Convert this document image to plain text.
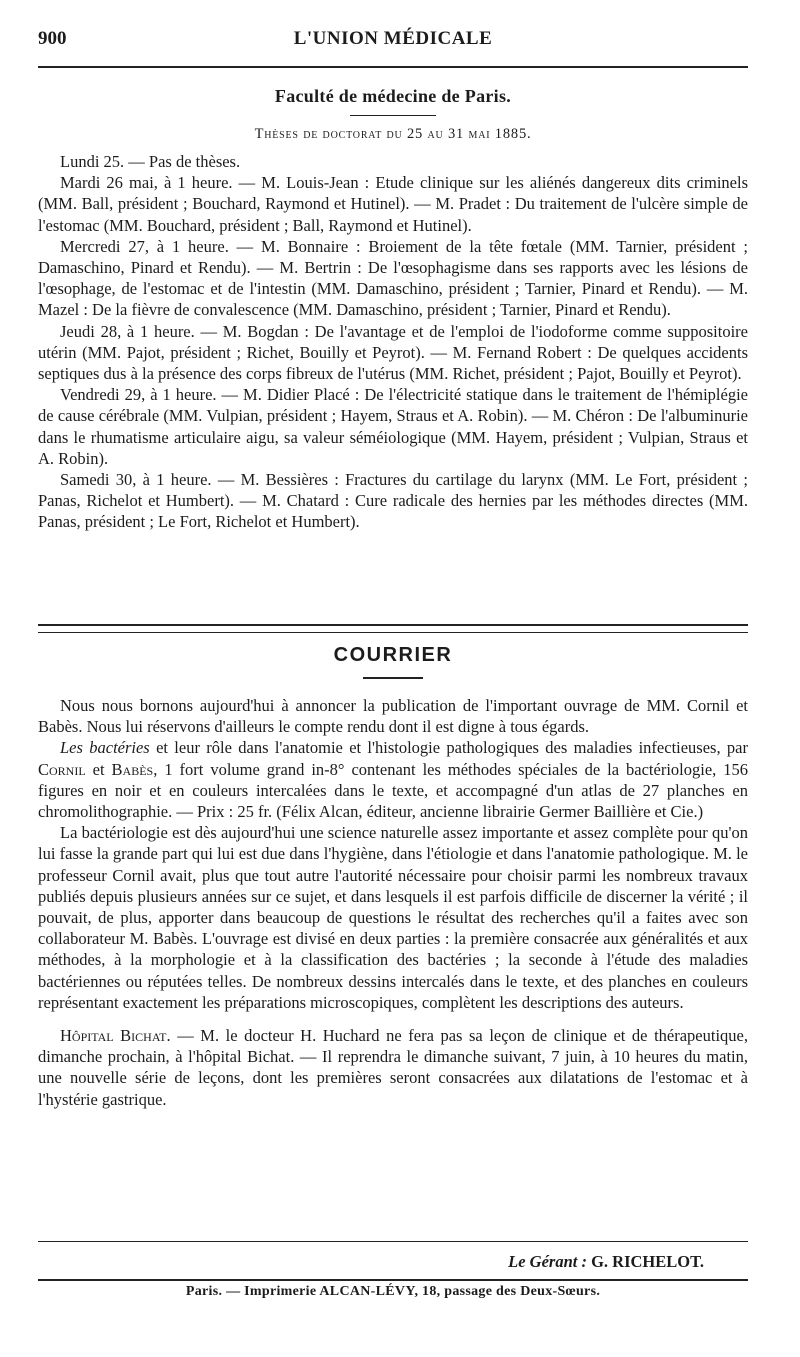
900	L'UNION MÉDICALE
Faculté de médecine de Paris.
Thèses de doctorat du 25 au 31 mai 1885.

Lundi 25. — Pas de thèses.

Mardi 26 mai, à 1 heure. — M. Louis-Jean : Etude clinique sur les aliénés dangereux dits criminels (MM. Ball, président ; Bouchard, Raymond et Hutinel). — M. Pradet : Du traitement de l'ulcère simple de l'estomac (MM. Bouchard, président ; Ball, Raymond et Hutinel).

Mercredi 27, à 1 heure. — M. Bonnaire : Broiement de la tête fœtale (MM. Tarnier, président ; Damaschino, Pinard et Rendu). — M. Bertrin : De l'œsophagisme dans ses rapports avec les lésions de l'œsophage, de l'estomac et de l'intestin (MM. Damaschino, président ; Tarnier, Pinard et Rendu). — M. Mazel : De la fièvre de convalescence (MM. Damaschino, président ; Tarnier, Pinard et Rendu).

Jeudi 28, à 1 heure. — M. Bogdan : De l'avantage et de l'emploi de l'iodoforme comme suppositoire utérin (MM. Pajot, président ; Richet, Bouilly et Peyrot). — M. Fernand Robert : De quelques accidents septiques dus à la présence des corps fibreux de l'utérus (MM. Richet, président ; Pajot, Bouilly et Peyrot).

Vendredi 29, à 1 heure. — M. Didier Placé : De l'électricité statique dans le traitement de l'hémiplégie de cause cérébrale (MM. Vulpian, président ; Hayem, Straus et A. Robin). — M. Chéron : De l'albuminurie dans le rhumatisme articulaire aigu, sa valeur séméiologique (MM. Hayem, président ; Vulpian, Straus et A. Robin).

Samedi 30, à 1 heure. — M. Bessières : Fractures du cartilage du larynx (MM. Le Fort, président ; Panas, Richelot et Humbert). — M. Chatard : Cure radicale des hernies par les méthodes directes (MM. Panas, président ; Le Fort, Richelot et Humbert).

COURRIER

Nous nous bornons aujourd'hui à annoncer la publication de l'important ouvrage de MM. Cornil et Babès. Nous lui réservons d'ailleurs le compte rendu dont il est digne à tous égards.

Les bactéries et leur rôle dans l'anatomie et l'histologie pathologiques des maladies infectieuses, par Cornil et Babès, 1 fort volume grand in-8° contenant les méthodes spéciales de la bactériologie, 156 figures en noir et en couleurs intercalées dans le texte, et accompagné d'un atlas de 27 planches en chromolithographie. — Prix : 25 fr. (Félix Alcan, éditeur, ancienne librairie Germer Baillière et Cie.)

La bactériologie est dès aujourd'hui une science naturelle assez importante et assez complète pour qu'on lui fasse la grande part qui lui est due dans l'hygiène, dans l'étiologie et dans l'anatomie pathologique. M. le professeur Cornil avait, plus que tout autre l'autorité nécessaire pour choisir parmi les nombreux travaux publiés depuis plusieurs années sur ce sujet, et dans lesquels il est parfois difficile de discerner la vérité ; il pouvait, de plus, apporter dans beaucoup de questions le résultat des recherches qu'il a faites avec son collaborateur M. Babès. L'ouvrage est divisé en deux parties : la première consacrée aux généralités et aux méthodes, à la morphologie et à la classification des bactéries ; la seconde à l'étude des maladies bactériennes ou réputées telles. De nombreux dessins intercalés dans le texte, et des planches en couleurs représentant exactement les préparations microscopiques, complètent les descriptions des auteurs.

Hôpital Bichat. — M. le docteur H. Huchard ne fera pas sa leçon de clinique et de thérapeutique, dimanche prochain, à l'hôpital Bichat. — Il reprendra le dimanche suivant, 7 juin, à 10 heures du matin, une nouvelle série de leçons, dont les premières seront consacrées aux dilatations de l'estomac et à l'hystérie gastrique.

Le Gérant : G. RICHELOT.
Paris. — Imprimerie ALCAN-LÉVY, 18, passage des Deux-Sœurs.
